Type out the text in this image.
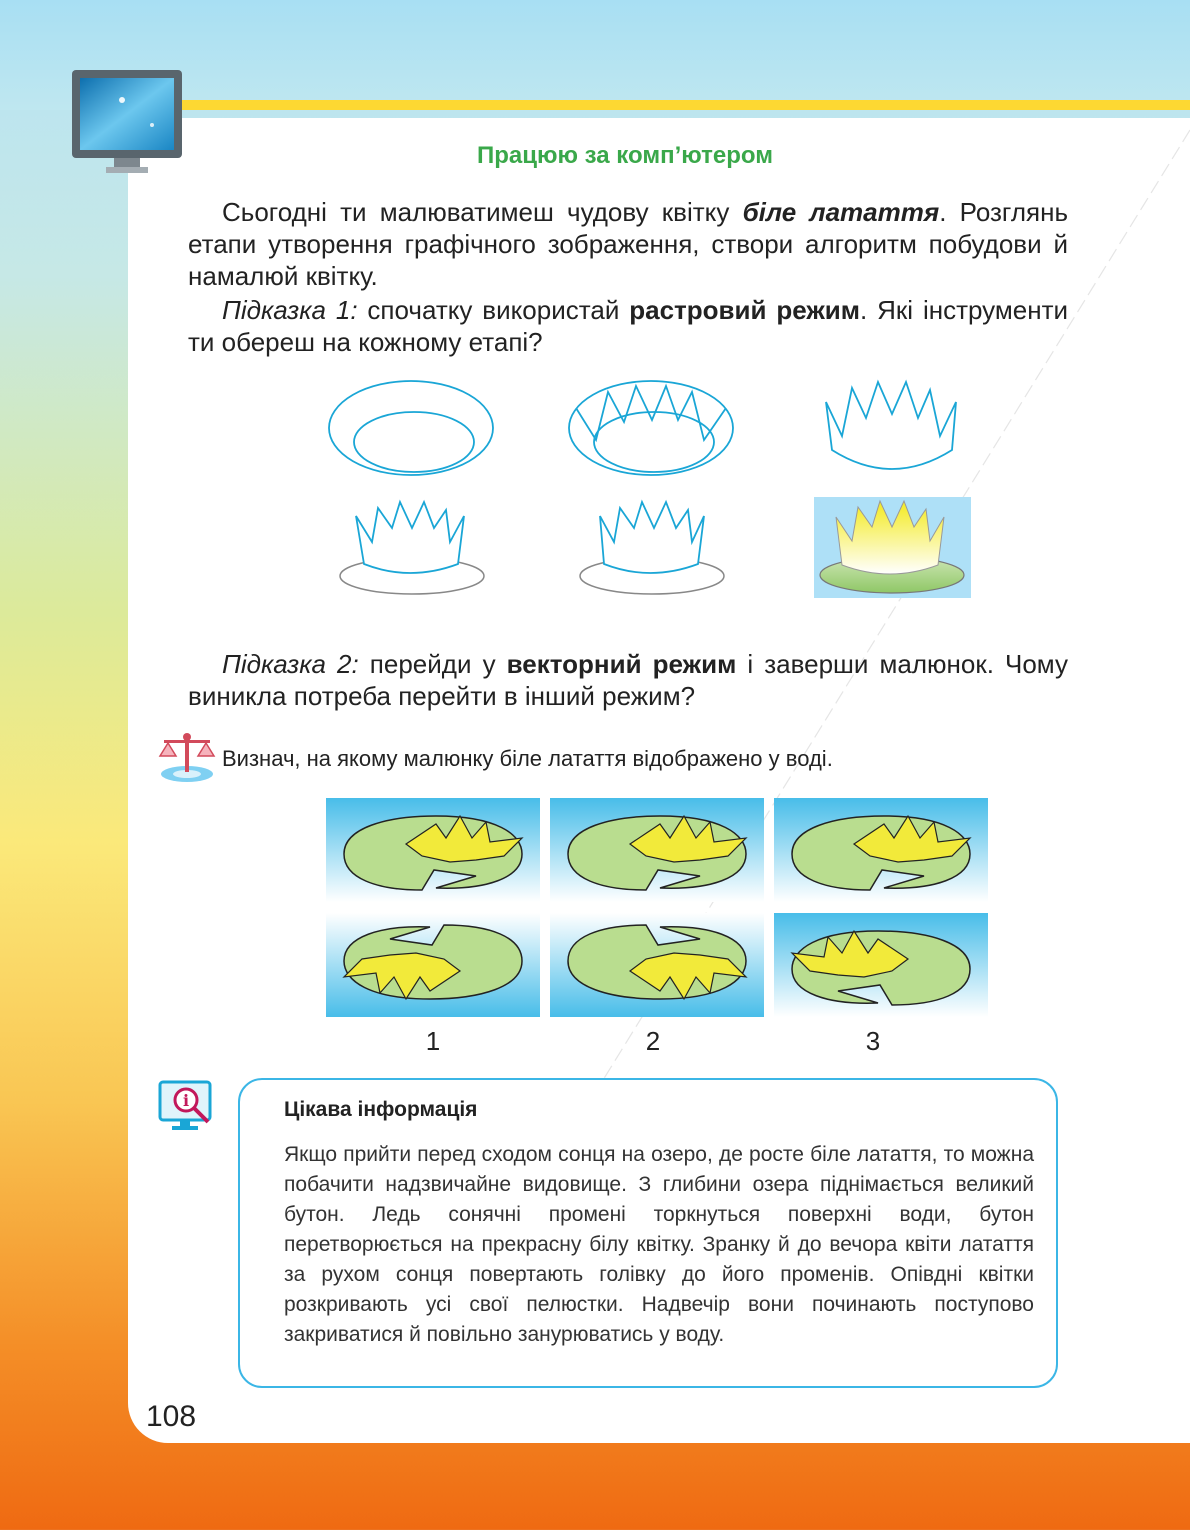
Працюю за комп’ютером
Сьогодні ти малюватимеш чудову квітку біле латаття. Розглянь етапи утворення графічного зображення, створи алгоритм побудови й намалюй квітку.
Підказка 1: спочатку використай растровий режим. Які інструменти ти обереш на кожному етапі?
Підказка 2: перейди у векторний режим і заверши малюнок. Чому виникла потреба перейти в інший режим?
Визнач, на якому малюнку біле латаття відображено у воді.
1	2	3
i	Цікава інформація
Якщо прийти перед сходом сонця на озеро, де росте біле латаття, то можна побачити надзвичайне видовище. З глибини озера піднімається великий бутон. Ледь сонячні промені торкнуться поверхні води, бутон перетворюється на прекрасну білу квітку. Зранку й до вечора квіти латаття за рухом сонця повертають голівку до його променів. Опівдні квітки розкривають усі свої пелюстки. Надвечір вони починають поступово закриватися й повільно занурюватись у воду.
108
